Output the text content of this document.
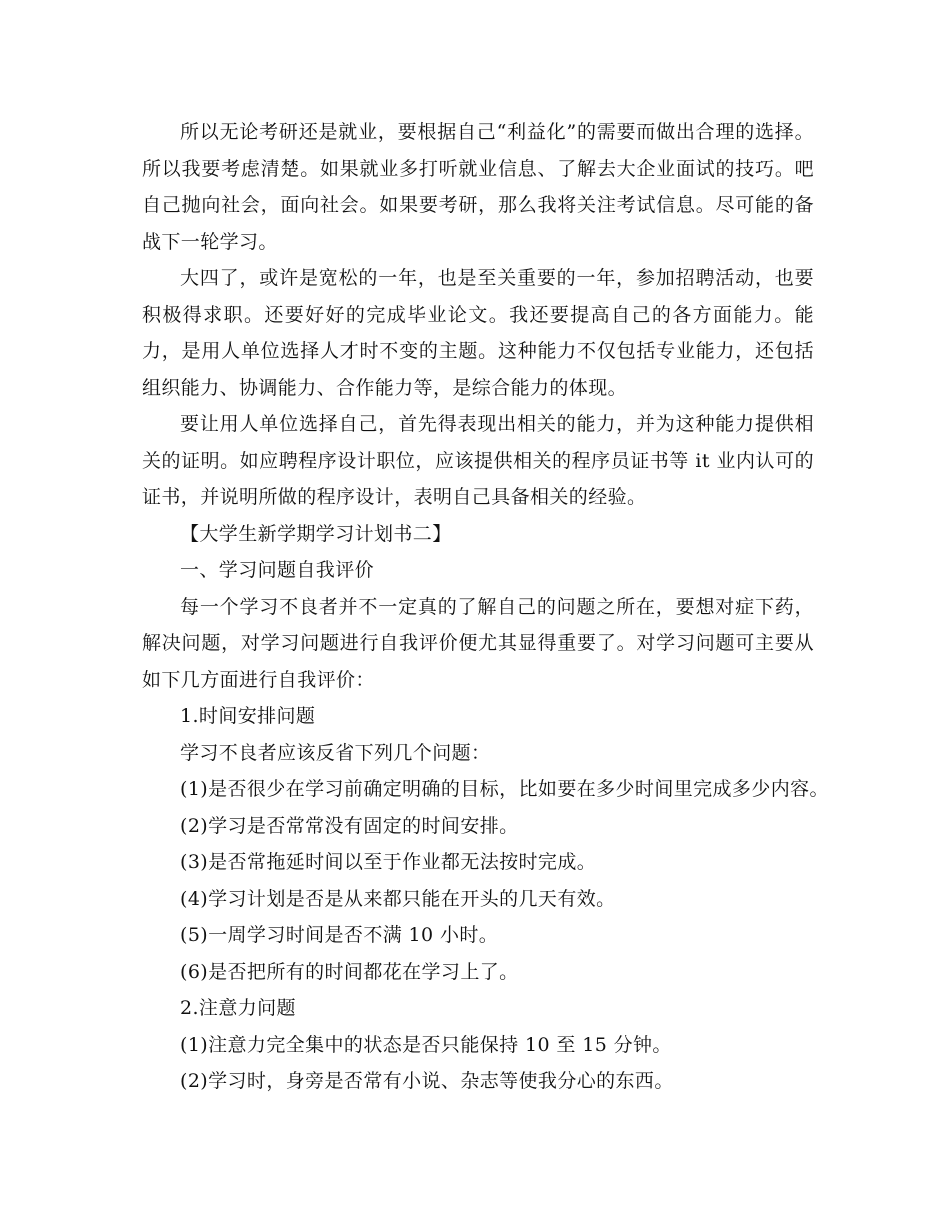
所以无论考研还是就业，要根据自己“利益化”的需要而做出合理的选择。所以我要考虑清楚。如果就业多打听就业信息、了解去大企业面试的技巧。吧自己抛向社会，面向社会。如果要考研，那么我将关注考试信息。尽可能的备战下一轮学习。

大四了，或许是宽松的一年，也是至关重要的一年，参加招聘活动，也要积极得求职。还要好好的完成毕业论文。我还要提高自己的各方面能力。能力，是用人单位选择人才时不变的主题。这种能力不仅包括专业能力，还包括组织能力、协调能力、合作能力等，是综合能力的体现。

要让用人单位选择自己，首先得表现出相关的能力，并为这种能力提供相关的证明。如应聘程序设计职位，应该提供相关的程序员证书等 it 业内认可的证书，并说明所做的程序设计，表明自己具备相关的经验。

【大学生新学期学习计划书二】

一、学习问题自我评价

每一个学习不良者并不一定真的了解自己的问题之所在，要想对症下药，解决问题，对学习问题进行自我评价便尤其显得重要了。对学习问题可主要从如下几方面进行自我评价：

1.时间安排问题

学习不良者应该反省下列几个问题：

(1)是否很少在学习前确定明确的目标，比如要在多少时间里完成多少内容。

(2)学习是否常常没有固定的时间安排。

(3)是否常拖延时间以至于作业都无法按时完成。

(4)学习计划是否是从来都只能在开头的几天有效。

(5)一周学习时间是否不满 10 小时。

(6)是否把所有的时间都花在学习上了。

2.注意力问题

(1)注意力完全集中的状态是否只能保持 10 至 15 分钟。

(2)学习时，身旁是否常有小说、杂志等使我分心的东西。
